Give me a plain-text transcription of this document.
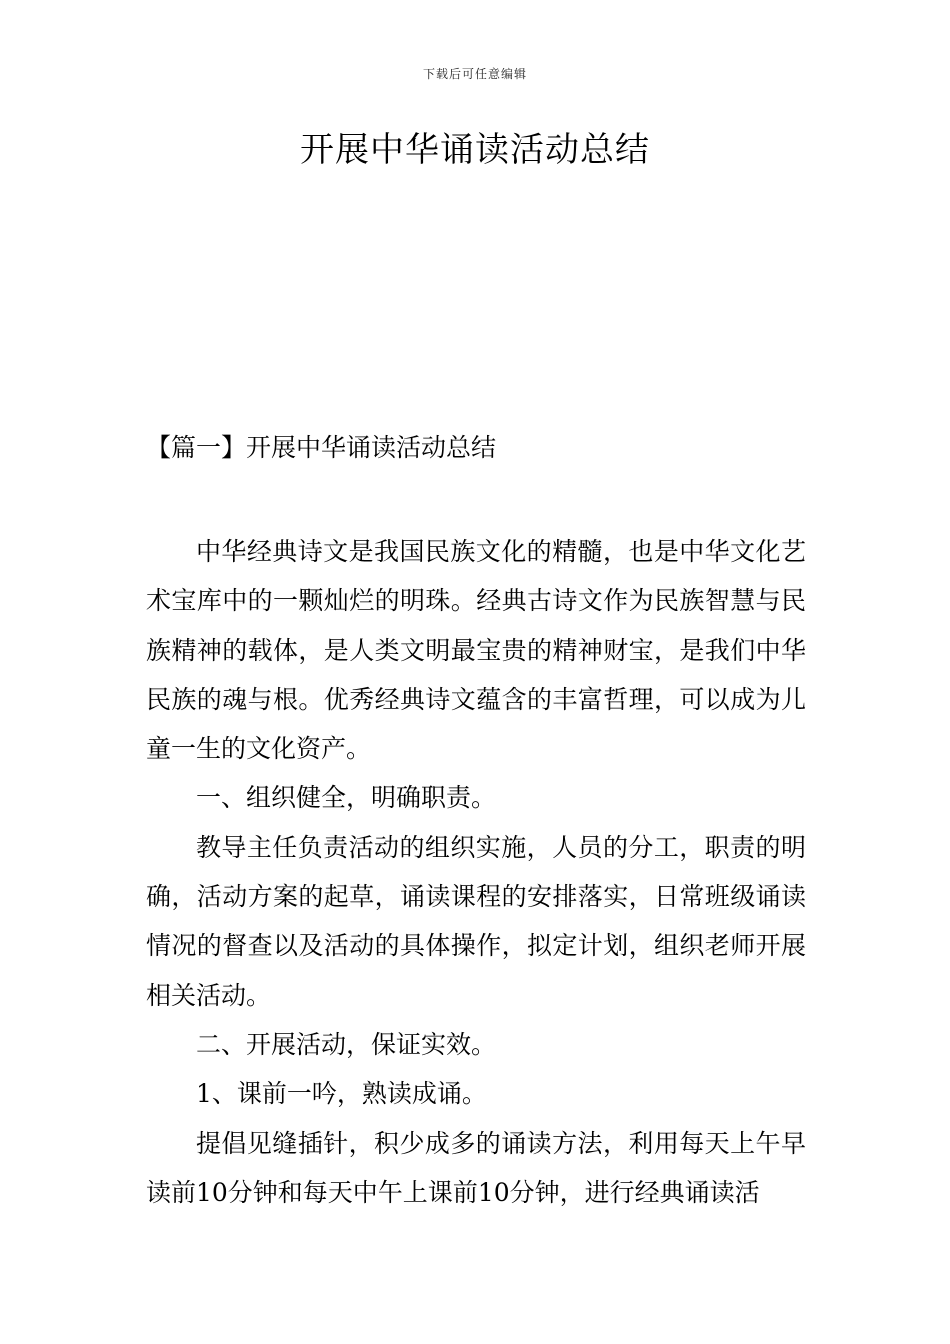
下载后可任意编辑
开展中华诵读活动总结
【篇一】开展中华诵读活动总结

中华经典诗文是我国民族文化的精髓，也是中华文化艺术宝库中的一颗灿烂的明珠。经典古诗文作为民族智慧与民族精神的载体，是人类文明最宝贵的精神财宝，是我们中华民族的魂与根。优秀经典诗文蕴含的丰富哲理，可以成为儿童一生的文化资产。

一、组织健全，明确职责。

教导主任负责活动的组织实施，人员的分工，职责的明确，活动方案的起草，诵读课程的安排落实，日常班级诵读情况的督查以及活动的具体操作，拟定计划，组织老师开展相关活动。

二、开展活动，保证实效。

1、课前一吟，熟读成诵。

提倡见缝插针，积少成多的诵读方法，利用每天上午早读前10分钟和每天中午上课前10分钟，进行经典诵读活
